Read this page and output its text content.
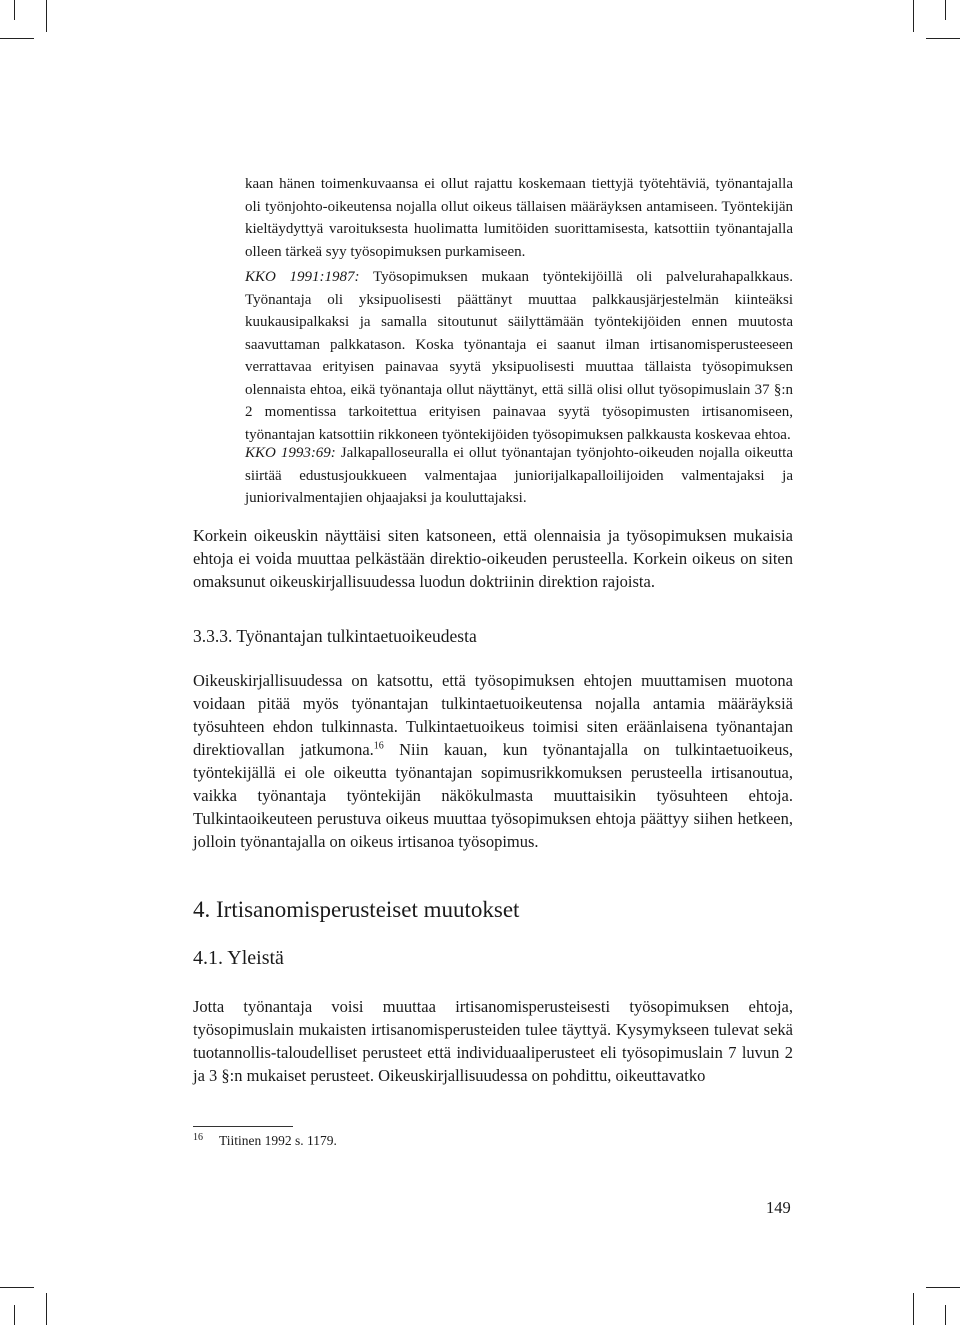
kaan hänen toimenkuvaansa ei ollut rajattu koskemaan tiettyjä työtehtäviä, työnantajalla oli työnjohto-oikeutensa nojalla ollut oikeus tällaisen määräyksen antamiseen. Työntekijän kieltäydyttyä varoituksesta huolimatta lumitöiden suorittamisesta, katsottiin työnantajalla olleen tärkeä syy työsopimuksen purkamiseen.

KKO 1991:1987: Työsopimuksen mukaan työntekijöillä oli palvelurahapalkkaus. Työnantaja oli yksipuolisesti päättänyt muuttaa palkkausjärjestelmän kiinteäksi kuukausipalkaksi ja samalla sitoutunut säilyttämään työntekijöiden ennen muutosta saavuttaman palkkatason. Koska työnantaja ei saanut ilman irtisanomisperusteeseen verrattavaa erityisen painavaa syytä yksipuolisesti muuttaa tällaista työsopimuksen olennaista ehtoa, eikä työnantaja ollut näyttänyt, että sillä olisi ollut työsopimuslain 37 §:n 2 momentissa tarkoitettua erityisen painavaa syytä työsopimusten irtisanomiseen, työnantajan katsottiin rikkoneen työntekijöiden työsopimuksen palkkausta koskevaa ehtoa.

KKO 1993:69: Jalkapalloseuralla ei ollut työnantajan työnjohto-oikeuden nojalla oikeutta siirtää edustusjoukkueen valmentajaa juniorijalkapalloilijoiden valmentajaksi ja juniorivalmentajien ohjaajaksi ja kouluttajaksi.

Korkein oikeuskin näyttäisi siten katsoneen, että olennaisia ja työsopimuksen mukaisia ehtoja ei voida muuttaa pelkästään direktio-oikeuden perusteella. Korkein oikeus on siten omaksunut oikeuskirjallisuudessa luodun doktriinin direktion rajoista.

3.3.3. Työnantajan tulkintaetuoikeudesta

Oikeuskirjallisuudessa on katsottu, että työsopimuksen ehtojen muuttamisen muotona voidaan pitää myös työnantajan tulkintaetuoikeutensa nojalla antamia määräyksiä työsuhteen ehdon tulkinnasta. Tulkintaetuoikeus toimisi siten eräänlaisena työnantajan direktiovallan jatkumona.$^{16}$ Niin kauan, kun työnantajalla on tulkintaetuoikeus, työntekijällä ei ole oikeutta työnantajan sopimusrikkomuksen perusteella irtisanoutua, vaikka työnantaja työntekijän näkökulmasta muuttaisikin työsuhteen ehtoja. Tulkintaoikeuteen perustuva oikeus muuttaa työsopimuksen ehtoja päättyy siihen hetkeen, jolloin työnantajalla on oikeus irtisanoa työsopimus.

4. Irtisanomisperusteiset muutokset
4.1. Yleistä

Jotta työnantaja voisi muuttaa irtisanomisperusteisesti työsopimuksen ehtoja, työsopimuslain mukaisten irtisanomisperusteiden tulee täyttyä. Kysymykseen tulevat sekä tuotannollis-taloudelliset perusteet että individuaaliperusteet eli työsopimuslain 7 luvun 2 ja 3 §:n mukaiset perusteet. Oikeuskirjallisuudessa on pohdittu, oikeuttavatko

$^{16}$ Tiitinen 1992 s. 1179.
149
